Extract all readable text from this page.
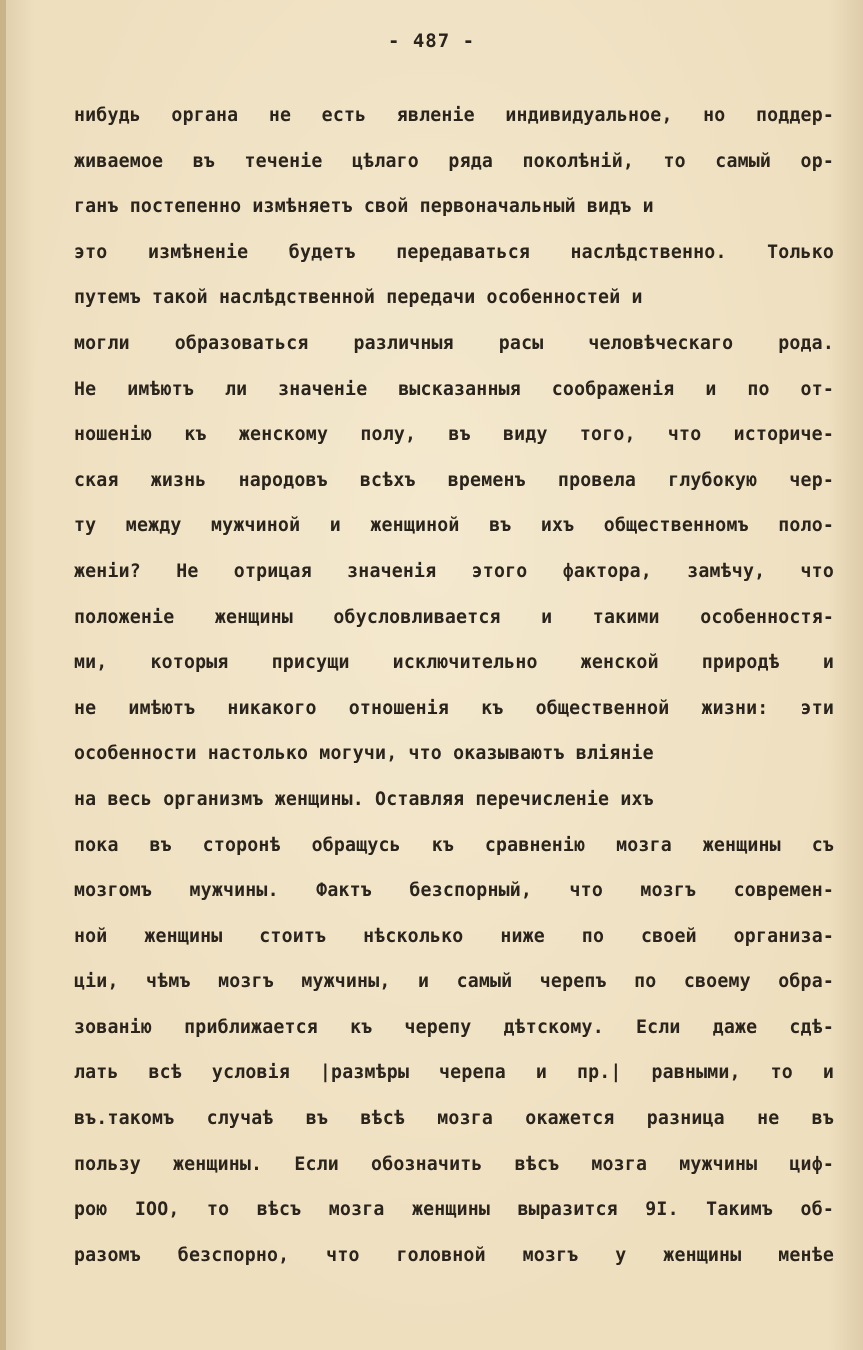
- 487 -
нибудь органа не есть явленіе индивидуальное, но поддер-
живаемое въ теченіе цѣлаго ряда поколѣній, то самый ор-
ганъ постепенно измѣняетъ свой первоначальный видъ и
это измѣненіе будетъ передаваться наслѣдственно. Только
путемъ такой наслѣдственной передачи особенностей и
могли образоваться различныя расы человѣческаго рода.
Не имѣютъ ли значеніе высказанныя соображенія и по от-
ношенію къ женскому полу, въ виду того, что историче-
ская жизнь народовъ всѣхъ временъ провела глубокую чер-
ту между мужчиной и женщиной въ ихъ общественномъ поло-
женіи? Не отрицая значенія этого фактора, замѣчу, что
положеніе женщины обусловливается и такими особенностя-
ми, которыя присущи исключительно женской природѣ и
не имѣютъ никакого отношенія къ общественной жизни: эти
особенности настолько могучи, что оказываютъ вліяніе
на весь организмъ женщины. Оставляя перечисленіе ихъ
пока въ сторонѣ обращусь къ сравненію мозга женщины съ
мозгомъ мужчины. Фактъ безспорный, что мозгъ современ-
ной женщины стоитъ нѣсколько ниже по своей организа-
ціи, чѣмъ мозгъ мужчины, и самый черепъ по своему обра-
зованію приближается къ черепу дѣтскому. Если даже сдѣ-
лать всѣ условія |размѣры черепа и пр.| равными, то и
въ.такомъ случаѣ въ вѣсѣ мозга окажется разница не въ
пользу женщины. Если обозначить вѣсъ мозга мужчины циф-
рою IOO, то вѣсъ мозга женщины выразится 9I. Такимъ об-
разомъ безспорно, что головной мозгъ у женщины менѣе
